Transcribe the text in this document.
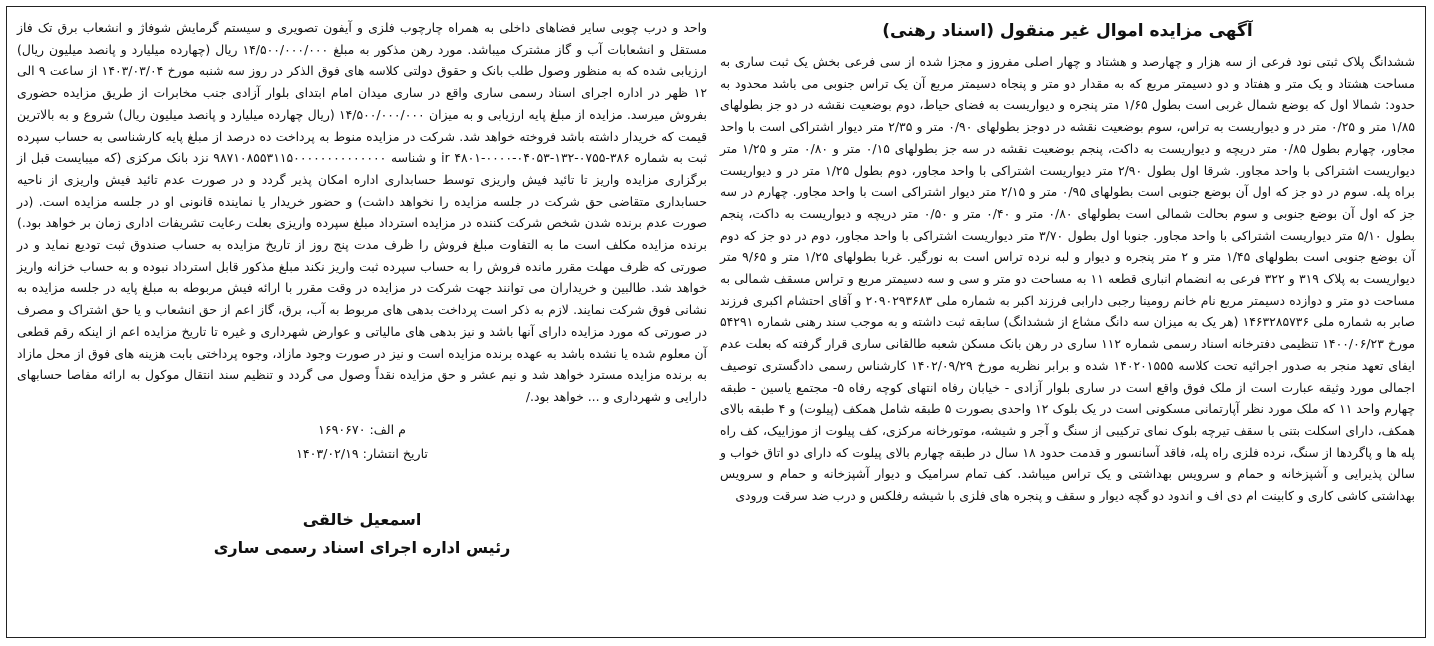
آگهی مزایده اموال غیر منقول (اسناد رهنی)

ششدانگ پلاک ثبتی نود فرعی از سه هزار و چهارصد و هشتاد و چهار اصلی مفروز و مجزا شده از سی فرعی بخش یک ثبت ساری به مساحت هشتاد و یک متر و هفتاد و دو دسیمتر مربع که به مقدار دو متر و پنجاه دسیمتر مربع آن یک تراس جنوبی می باشد محدود به حدود: شمالا اول که بوضع شمال غربی است بطول ۱/۶۵ متر پنجره و دیواریست به فضای حیاط، دوم بوضعیت نقشه در دو جز بطولهای ۱/۸۵ متر و ۰/۲۵ متر در و دیواریست به تراس، سوم بوضعیت نقشه در دوجز بطولهای ۰/۹۰ متر و ۲/۳۵ متر دیوار اشتراکی است با واحد مجاور، چهارم بطول ۰/۸۵ متر دریچه و دیواریست به داکت، پنجم بوضعیت نقشه در سه جز بطولهای ۰/۱۵ متر و ۰/۸۰ متر و ۱/۲۵ متر دیواریست اشتراکی با واحد مجاور. شرقا اول بطول ۲/۹۰ متر دیواریست اشتراکی با واحد مجاور، دوم بطول ۱/۲۵ متر در و دیواریست براه پله. سوم در دو جز که اول آن بوضع جنوبی است بطولهای ۰/۹۵ متر و ۲/۱۵ متر دیوار اشتراکی است با واحد مجاور. چهارم در سه جز که اول آن بوضع جنوبی و سوم بحالت شمالی است بطولهای ۰/۸۰ متر و ۰/۴۰ متر و ۰/۵۰ متر دریچه و دیواریست به داکت، پنجم بطول ۵/۱۰ متر دیواریست اشتراکی با واحد مجاور. جنوبا اول بطول ۳/۷۰ متر دیواریست اشتراکی با واحد مجاور، دوم در دو جز که دوم آن بوضع جنوبی است بطولهای ۱/۴۵ متر و ۲ متر پنجره و دیوار و لبه نرده تراس است به نورگیر. غربا بطولهای ۱/۲۵ متر و ۹/۶۵ متر دیواریست به پلاک ۳۱۹ و ۳۲۲ فرعی به انضمام انباری قطعه ۱۱ به مساحت دو متر و سی و سه دسیمتر مربع و تراس مسقف شمالی به مساحت دو متر و دوازده دسیمتر مربع نام خانم رومینا رجبی دارابی فرزند اکبر به شماره ملی ۲۰۹۰۲۹۳۶۸۳ و آقای احتشام اکبری فرزند صابر به شماره ملی ۱۴۶۳۲۸۵۷۳۶ (هر یک به میزان سه دانگ مشاع از ششدانگ) سابقه ثبت داشته و به موجب سند رهنی شماره ۵۴۲۹۱ مورخ ۱۴۰۰/۰۶/۲۳ تنظیمی دفترخانه اسناد رسمی شماره ۱۱۲ ساری در رهن بانک مسکن شعبه طالقانی ساری قرار گرفته که بعلت عدم ایفای تعهد منجر به صدور اجرائیه تحت کلاسه ۱۴۰۲۰۱۵۵۵ شده و برابر نظریه مورخ ۱۴۰۲/۰۹/۲۹ کارشناس رسمی دادگستری توصیف اجمالی مورد وثیقه عبارت است از ملک فوق واقع است در ساری بلوار آزادی - خیابان رفاه انتهای کوچه رفاه ۵- مجتمع یاسین - طبقه چهارم واحد ۱۱ که ملک مورد نظر آپارتمانی مسکونی است در یک بلوک ۱۲ واحدی بصورت ۵ طبقه شامل همکف (پیلوت) و ۴ طبقه بالای همکف، دارای اسکلت بتنی با سقف تیرچه بلوک نمای ترکیبی از سنگ و آجر و شیشه، موتورخانه مرکزی، کف پیلوت از موزاییک، کف راه پله ها و پاگردها از سنگ، نرده فلزی راه پله، فاقد آسانسور و قدمت حدود ۱۸ سال در طبقه چهارم بالای پیلوت که دارای دو اتاق خواب و سالن پذیرایی و آشپزخانه و حمام و سرویس بهداشتی و یک تراس میباشد. کف تمام سرامیک و دیوار آشپزخانه و حمام و سرویس بهداشتی کاشی کاری و کابینت ام دی اف و اندود دو گچه دیوار و سقف و پنجره های فلزی با شیشه رفلکس و درب ضد سرقت ورودی

واحد و درب چوبی سایر فضاهای داخلی به همراه چارچوب فلزی و آیفون تصویری و سیستم گرمایش شوفاژ و انشعاب برق تک فاز مستقل و انشعابات آب و گاز مشترک میباشد. مورد رهن مذکور به مبلغ ۱۴/۵۰۰/۰۰۰/۰۰۰ ریال (چهارده میلیارد و پانصد میلیون ریال) ارزیابی شده که به منظور وصول طلب بانک و حقوق دولتی کلاسه های فوق الذکر در روز سه شنبه مورخ ۱۴۰۳/۰۳/۰۴ از ساعت ۹ الی ۱۲ ظهر در اداره اجرای اسناد رسمی ساری واقع در ساری میدان امام ابتدای بلوار آزادی جنب مخابرات از طریق مزایده حضوری بفروش میرسد. مزایده از مبلغ پایه ارزیابی و به میزان ۱۴/۵۰۰/۰۰۰/۰۰۰ (ریال چهارده میلیارد و پانصد میلیون ریال) شروع و به بالاترین قیمت که خریدار داشته باشد فروخته خواهد شد. شرکت در مزایده منوط به پرداخت ده درصد از مبلغ پایه کارشناسی به حساب سپرده ثبت به شماره ۳۸۶-۰۷۵۵-۱۳۲-۰۴۰۵۳-۰۰۰۰-۴۸۰۱ ir و شناسه ۹۸۷۱۰۸۵۵۳۱۱۵۰۰۰۰۰۰۰۰۰۰۰۰۰۰ نزد بانک مرکزی (که میبایست قبل از برگزاری مزایده واریز تا تائید فیش واریزی توسط حسابداری اداره امکان پذیر گردد و در صورت عدم تائید فیش واریزی از ناحیه حسابداری متقاضی حق شرکت در جلسه مزایده را نخواهد داشت) و حضور خریدار یا نماینده قانونی او در جلسه مزایده است. (در صورت عدم برنده شدن شخص شرکت کننده در مزایده استرداد مبلغ سپرده واریزی بعلت رعایت تشریفات اداری زمان بر خواهد بود.) برنده مزایده مکلف است ما به التفاوت مبلغ فروش را ظرف مدت پنج روز از تاریخ مزایده به حساب صندوق ثبت تودیع نماید و در صورتی که ظرف مهلت مقرر مانده فروش را به حساب سپرده ثبت واریز نکند مبلغ مذکور قابل استرداد نبوده و به حساب خزانه واریز خواهد شد. طالبین و خریداران می توانند جهت شرکت در مزایده در وقت مقرر با ارائه فیش مربوطه به مبلغ پایه در جلسه مزایده به نشانی فوق شرکت نمایند. لازم به ذکر است پرداخت بدهی های مربوط به آب، برق، گاز اعم از حق انشعاب و یا حق اشتراک و مصرف در صورتی که مورد مزایده دارای آنها باشد و نیز بدهی های مالیاتی و عوارض شهرداری و غیره تا تاریخ مزایده اعم از اینکه رقم قطعی آن معلوم شده یا نشده باشد به عهده برنده مزایده است و نیز در صورت وجود مازاد، وجوه پرداختی بابت هزینه های فوق از محل مازاد به برنده مزایده مسترد خواهد شد و نیم عشر و حق مزایده نقداً وصول می گردد و تنظیم سند انتقال موکول به ارائه مفاصا حسابهای دارایی و شهرداری و ... خواهد بود./

م الف: ۱۶۹۰۶۷۰
تاریخ انتشار: ۱۴۰۳/۰۲/۱۹
اسمعیل خالقی
رئیس اداره اجرای اسناد رسمی ساری
